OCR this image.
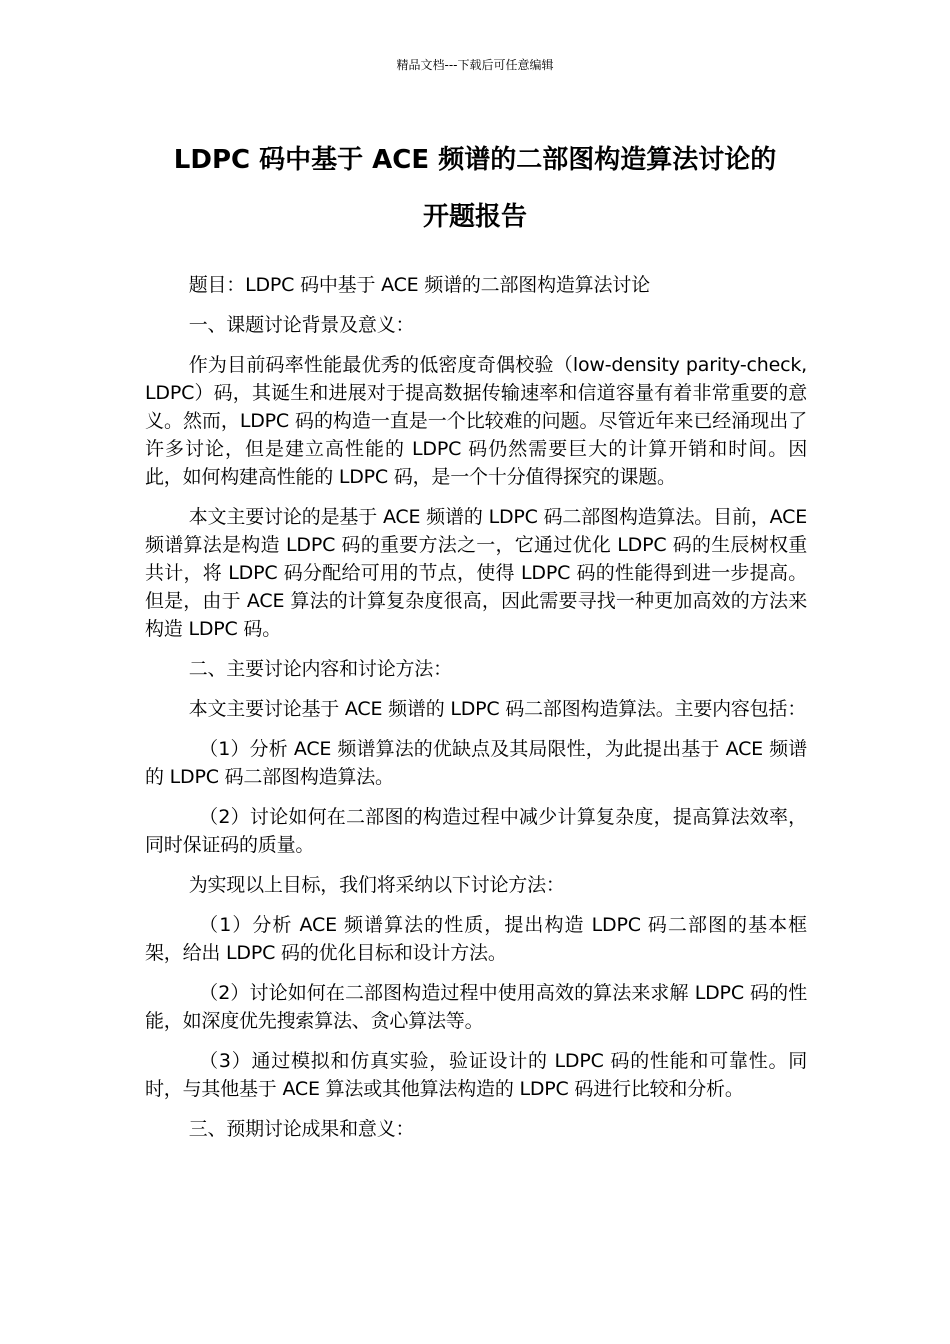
精品文档---下载后可任意编辑
LDPC 码中基于 ACE 频谱的二部图构造算法讨论的
开题报告

题目：LDPC 码中基于 ACE 频谱的二部图构造算法讨论

一、课题讨论背景及意义：

作为目前码率性能最优秀的低密度奇偶校验（low-density parity-check, LDPC）码，其诞生和进展对于提高数据传输速率和信道容量有着非常重要的意义。然而，LDPC 码的构造一直是一个比较难的问题。尽管近年来已经涌现出了许多讨论，但是建立高性能的 LDPC 码仍然需要巨大的计算开销和时间。因此，如何构建高性能的 LDPC 码，是一个十分值得探究的课题。

本文主要讨论的是基于 ACE 频谱的 LDPC 码二部图构造算法。目前，ACE 频谱算法是构造 LDPC 码的重要方法之一，它通过优化 LDPC 码的生辰树权重共计，将 LDPC 码分配给可用的节点，使得 LDPC 码的性能得到进一步提高。但是，由于 ACE 算法的计算复杂度很高，因此需要寻找一种更加高效的方法来构造 LDPC 码。

二、主要讨论内容和讨论方法：

本文主要讨论基于 ACE 频谱的 LDPC 码二部图构造算法。主要内容包括：

（1）分析 ACE 频谱算法的优缺点及其局限性，为此提出基于 ACE 频谱的 LDPC 码二部图构造算法。

（2）讨论如何在二部图的构造过程中减少计算复杂度，提高算法效率，同时保证码的质量。

为实现以上目标，我们将采纳以下讨论方法：

（1）分析 ACE 频谱算法的性质，提出构造 LDPC 码二部图的基本框架，给出 LDPC 码的优化目标和设计方法。

（2）讨论如何在二部图构造过程中使用高效的算法来求解 LDPC 码的性能，如深度优先搜索算法、贪心算法等。

（3）通过模拟和仿真实验，验证设计的 LDPC 码的性能和可靠性。同时，与其他基于 ACE 算法或其他算法构造的 LDPC 码进行比较和分析。

三、预期讨论成果和意义：
